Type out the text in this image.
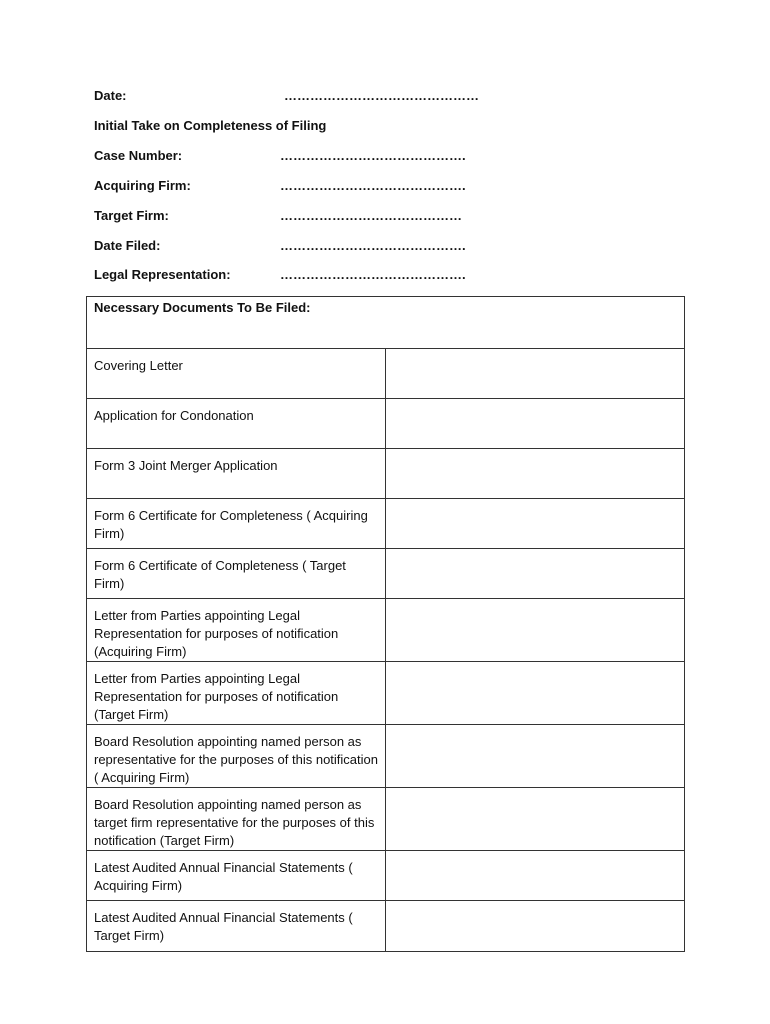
Date:	………………………………………
Initial Take on Completeness of Filing
Case Number:	…………………………………….
Acquiring Firm:	…………………………………….
Target Firm:	……………………………………
Date Filed:	…………………………………….
Legal Representation:	…………………………………….
Necessary Documents To Be Filed:	
Covering Letter	
Application for Condonation	
Form 3 Joint Merger Application	
Form 6 Certificate for Completeness ( Acquiring Firm)	
Form 6 Certificate of Completeness ( Target Firm)	
Letter from Parties appointing Legal Representation for purposes of notification (Acquiring Firm)	
Letter from Parties appointing Legal Representation for purposes of notification (Target Firm)	
Board Resolution appointing named person as representative for the purposes of this notification ( Acquiring Firm)	
Board Resolution appointing named person as target firm representative for the purposes of this notification (Target Firm)	
Latest Audited Annual Financial Statements ( Acquiring Firm)	
Latest Audited Annual Financial Statements ( Target Firm)	
